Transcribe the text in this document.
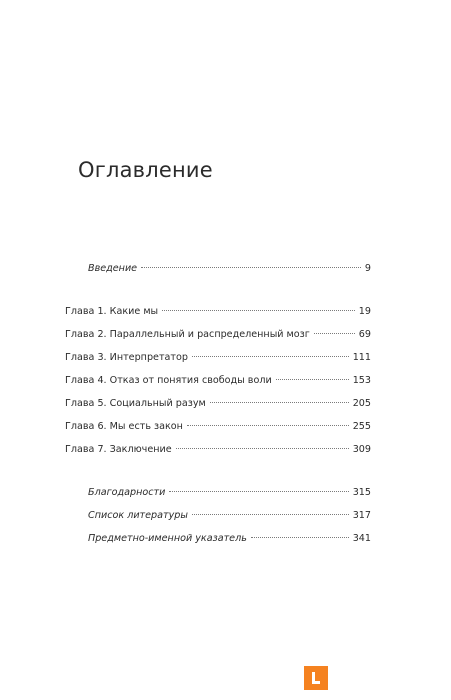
Оглавление
Введение	9
Глава 1. Какие мы	19
Глава 2. Параллельный и распределенный мозг	69
Глава 3. Интерпретатор	111
Глава 4. Отказ от понятия свободы воли	153
Глава 5. Социальный разум	205
Глава 6. Мы есть закон	255
Глава 7. Заключение	309
Благодарности	315
Список литературы	317
Предметно-именной указатель	341
